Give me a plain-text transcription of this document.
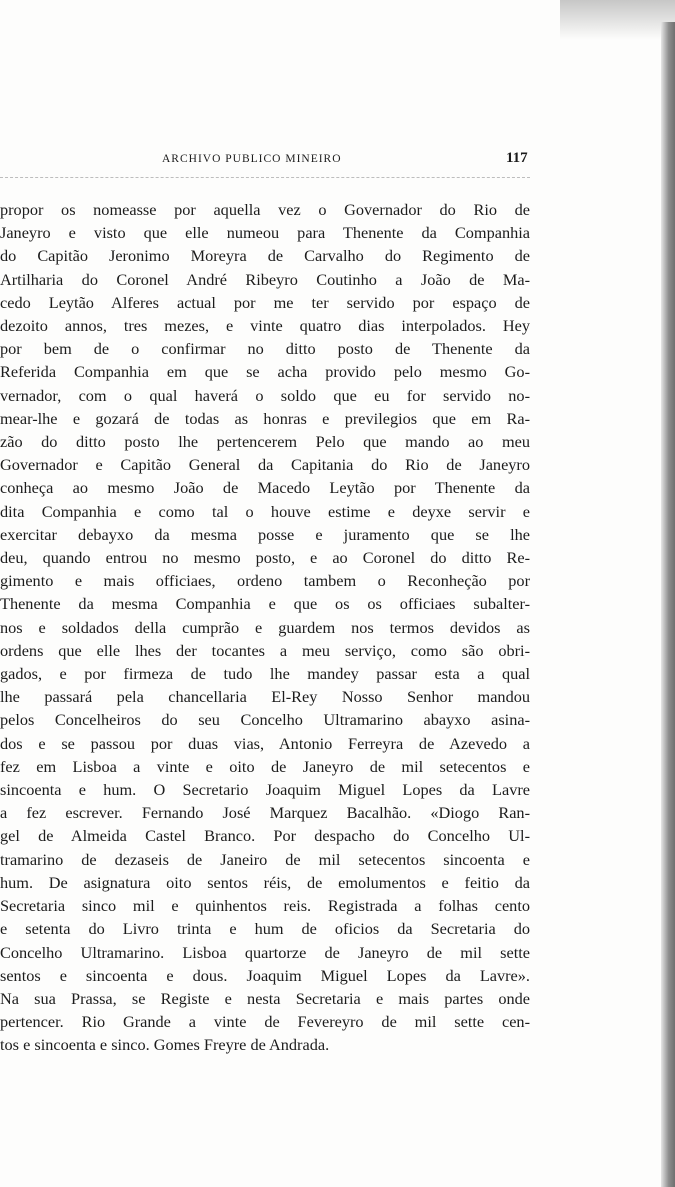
ARCHIVO PUBLICO MINEIRO	117
propor os nomeasse por aquella vez o Governador do Rio de
Janeyro e visto que elle numeou para Thenente da Companhia
do Capitão Jeronimo Moreyra de Carvalho do Regimento de
Artilharia do Coronel André Ribeyro Coutinho a João de Ma-
cedo Leytão Alferes actual por me ter servido por espaço de
dezoito annos, tres mezes, e vinte quatro dias interpolados. Hey
por bem de o confirmar no ditto posto de Thenente da
Referida Companhia em que se acha provido pelo mesmo Go-
vernador, com o qual haverá o soldo que eu for servido no-
mear-lhe e gozará de todas as honras e previlegios que em Ra-
zão do ditto posto lhe pertencerem Pelo que mando ao meu
Governador e Capitão General da Capitania do Rio de Janeyro
conheça ao mesmo João de Macedo Leytão por Thenente da
dita Companhia e como tal o houve estime e deyxe servir e
exercitar debayxo da mesma posse e juramento que se lhe
deu, quando entrou no mesmo posto, e ao Coronel do ditto Re-
gimento e mais officiaes, ordeno tambem o Reconheção por
Thenente da mesma Companhia e que os os officiaes subalter-
nos e soldados della cumprão e guardem nos termos devidos as
ordens que elle lhes der tocantes a meu serviço, como são obri-
gados, e por firmeza de tudo lhe mandey passar esta a qual
lhe passará pela chancellaria El-Rey Nosso Senhor mandou
pelos Concelheiros do seu Concelho Ultramarino abayxo asina-
dos e se passou por duas vias, Antonio Ferreyra de Azevedo a
fez em Lisboa a vinte e oito de Janeyro de mil setecentos e
sincoenta e hum. O Secretario Joaquim Miguel Lopes da Lavre
a fez escrever. Fernando José Marquez Bacalhão. «Diogo Ran-
gel de Almeida Castel Branco. Por despacho do Concelho Ul-
tramarino de dezaseis de Janeiro de mil setecentos sincoenta e
hum. De asignatura oito sentos réis, de emolumentos e feitio da
Secretaria sinco mil e quinhentos reis. Registrada a folhas cento
e setenta do Livro trinta e hum de oficios da Secretaria do
Concelho Ultramarino. Lisboa quartorze de Janeyro de mil sette
sentos e sincoenta e dous. Joaquim Miguel Lopes da Lavre».
Na sua Prassa, se Registe e nesta Secretaria e mais partes onde
pertencer. Rio Grande a vinte de Fevereyro de mil sette cen-
tos e sincoenta e sinco. Gomes Freyre de Andrada.
